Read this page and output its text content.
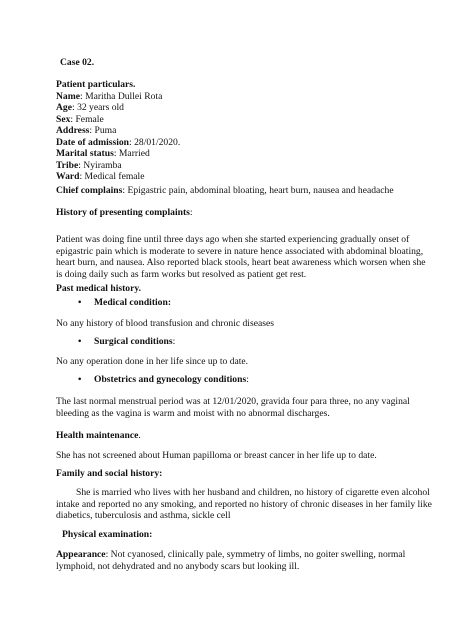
Case 02.

Patient particulars.

Name: Maritha Dullei Rota

Age: 32 years old

Sex: Female

Address: Puma

Date of admission: 28/01/2020.

Marital status: Married

Tribe: Nyiramba

Ward: Medical female

Chief complains: Epigastric pain, abdominal bloating, heart burn, nausea and headache

History of presenting complaints:

Patient was doing fine until three days ago when she started experiencing gradually onset of epigastric pain which is moderate to severe in nature hence associated with abdominal bloating, heart burn, and nausea. Also reported black stools, heart beat awareness which worsen when she is doing daily such as farm works but resolved as patient get rest.

Past medical history.

• Medical condition:

No any history of blood transfusion and chronic diseases

• Surgical conditions:

No any operation done in her life since up to date.

• Obstetrics and gynecology conditions:

The last normal menstrual period was at 12/01/2020, gravida four para three, no any vaginal bleeding as the vagina is warm and moist with no abnormal discharges.

Health maintenance.

She has not screened about Human papilloma or breast cancer in her life up to date.

Family and social history:

She is married who lives with her husband and children, no history of cigarette even alcohol intake and reported no any smoking, and reported no history of chronic diseases in her family like diabetics, tuberculosis and asthma, sickle cell

Physical examination:

Appearance: Not cyanosed, clinically pale, symmetry of limbs, no goiter swelling, normal lymphoid, not dehydrated and no anybody scars but looking ill.
